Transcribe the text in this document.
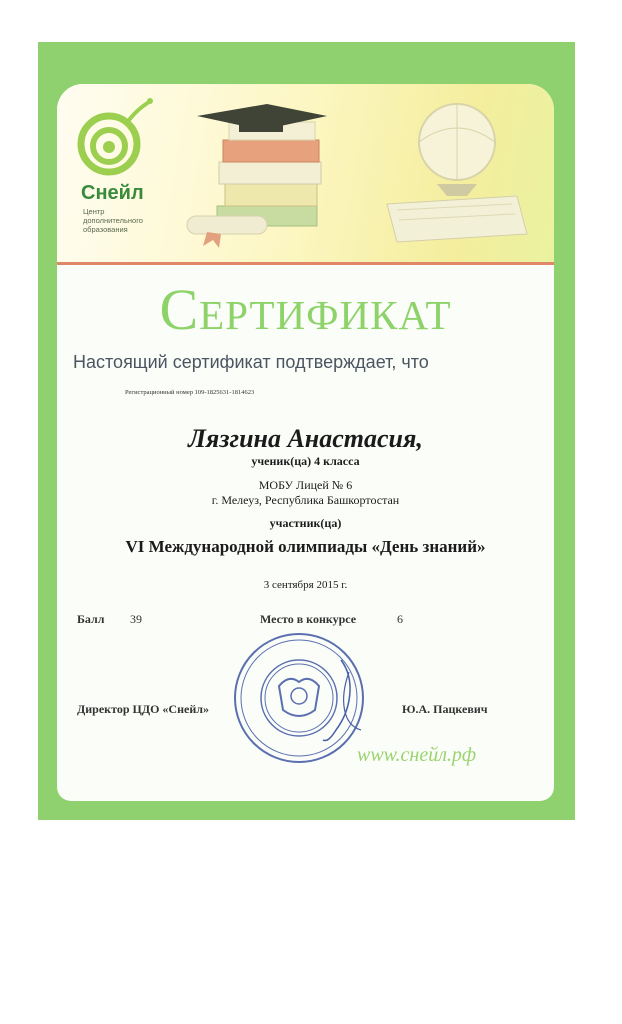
Снейл
Центр дополнительного образования
Сертификат
Настоящий сертификат подтверждает, что
Регистрационный номер 109-1825631-1814623
Лязгина Анастасия,
ученик(ца) 4 класса
МОБУ Лицей № 6
г. Мелеуз, Республика Башкортостан
участник(ца)
VI Международной олимпиады «День знаний»
3 сентября 2015 г.
Балл 39	Место в конкурсе	6
Директор ЦДО «Снейл»	Ю.А. Пацкевич
www.снейл.рф
